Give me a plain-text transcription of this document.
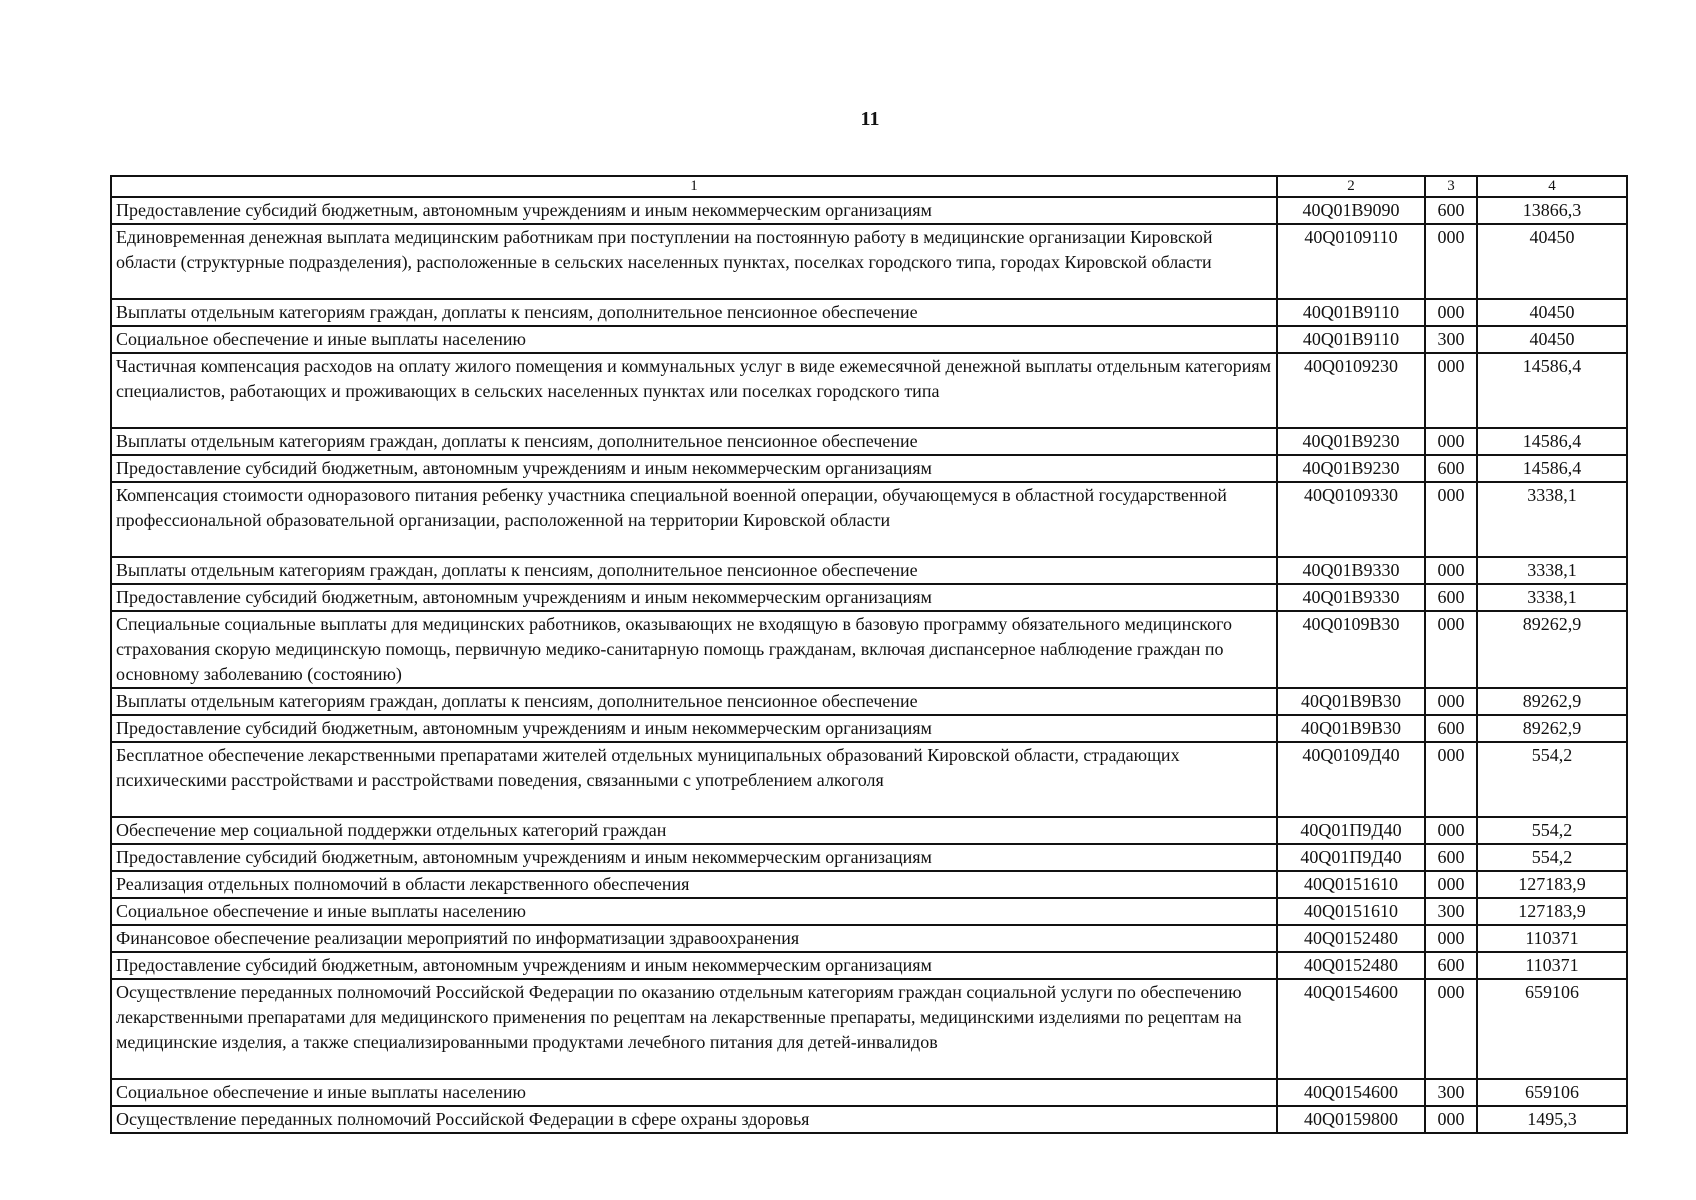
11
1	2	3	4
Предоставление субсидий бюджетным, автономным учреждениям и иным некоммерческим организациям	40Q01В9090	600	13866,3
Единовременная денежная выплата медицинским работникам при поступлении на постоянную работу в медицинские организации Кировской области (структурные подразделения), расположенные в сельских населенных пунктах, поселках городского типа, городах Кировской области	40Q0109110	000	40450
Выплаты отдельным категориям граждан, доплаты к пенсиям, дополнительное пенсионное обеспечение	40Q01В9110	000	40450
Социальное обеспечение и иные выплаты населению	40Q01В9110	300	40450
Частичная компенсация расходов на оплату жилого помещения и коммунальных услуг в виде ежемесячной денежной выплаты отдельным категориям специалистов, работающих и проживающих в сельских населенных пунктах или поселках городского типа	40Q0109230	000	14586,4
Выплаты отдельным категориям граждан, доплаты к пенсиям, дополнительное пенсионное обеспечение	40Q01В9230	000	14586,4
Предоставление субсидий бюджетным, автономным учреждениям и иным некоммерческим организациям	40Q01В9230	600	14586,4
Компенсация стоимости одноразового питания ребенку участника специальной военной операции, обучающемуся в областной государственной профессиональной образовательной организации, расположенной на территории Кировской области	40Q0109330	000	3338,1
Выплаты отдельным категориям граждан, доплаты к пенсиям, дополнительное пенсионное обеспечение	40Q01В9330	000	3338,1
Предоставление субсидий бюджетным, автономным учреждениям и иным некоммерческим организациям	40Q01В9330	600	3338,1
Специальные социальные выплаты для медицинских работников, оказывающих не входящую в базовую программу обязательного медицинского страхования скорую медицинскую помощь, первичную медико-санитарную помощь гражданам, включая диспансерное наблюдение граждан по основному заболеванию (состоянию)	40Q0109В30	000	89262,9
Выплаты отдельным категориям граждан, доплаты к пенсиям, дополнительное пенсионное обеспечение	40Q01В9В30	000	89262,9
Предоставление субсидий бюджетным, автономным учреждениям и иным некоммерческим организациям	40Q01В9В30	600	89262,9
Бесплатное обеспечение лекарственными препаратами жителей отдельных муниципальных образований Кировской области, страдающих психическими расстройствами и расстройствами поведения, связанными с употреблением алкоголя	40Q0109Д40	000	554,2
Обеспечение мер социальной поддержки отдельных категорий граждан	40Q01П9Д40	000	554,2
Предоставление субсидий бюджетным, автономным учреждениям и иным некоммерческим организациям	40Q01П9Д40	600	554,2
Реализация отдельных полномочий в области лекарственного обеспечения	40Q0151610	000	127183,9
Социальное обеспечение и иные выплаты населению	40Q0151610	300	127183,9
Финансовое обеспечение реализации мероприятий по информатизации здравоохранения	40Q0152480	000	110371
Предоставление субсидий бюджетным, автономным учреждениям и иным некоммерческим организациям	40Q0152480	600	110371
Осуществление переданных полномочий Российской Федерации по оказанию отдельным категориям граждан социальной услуги по обеспечению лекарственными препаратами для медицинского применения по рецептам на лекарственные препараты, медицинскими изделиями по рецептам на медицинские изделия, а также специализированными продуктами лечебного питания для детей-инвалидов	40Q0154600	000	659106
Социальное обеспечение и иные выплаты населению	40Q0154600	300	659106
Осуществление переданных полномочий Российской Федерации в сфере охраны здоровья	40Q0159800	000	1495,3
